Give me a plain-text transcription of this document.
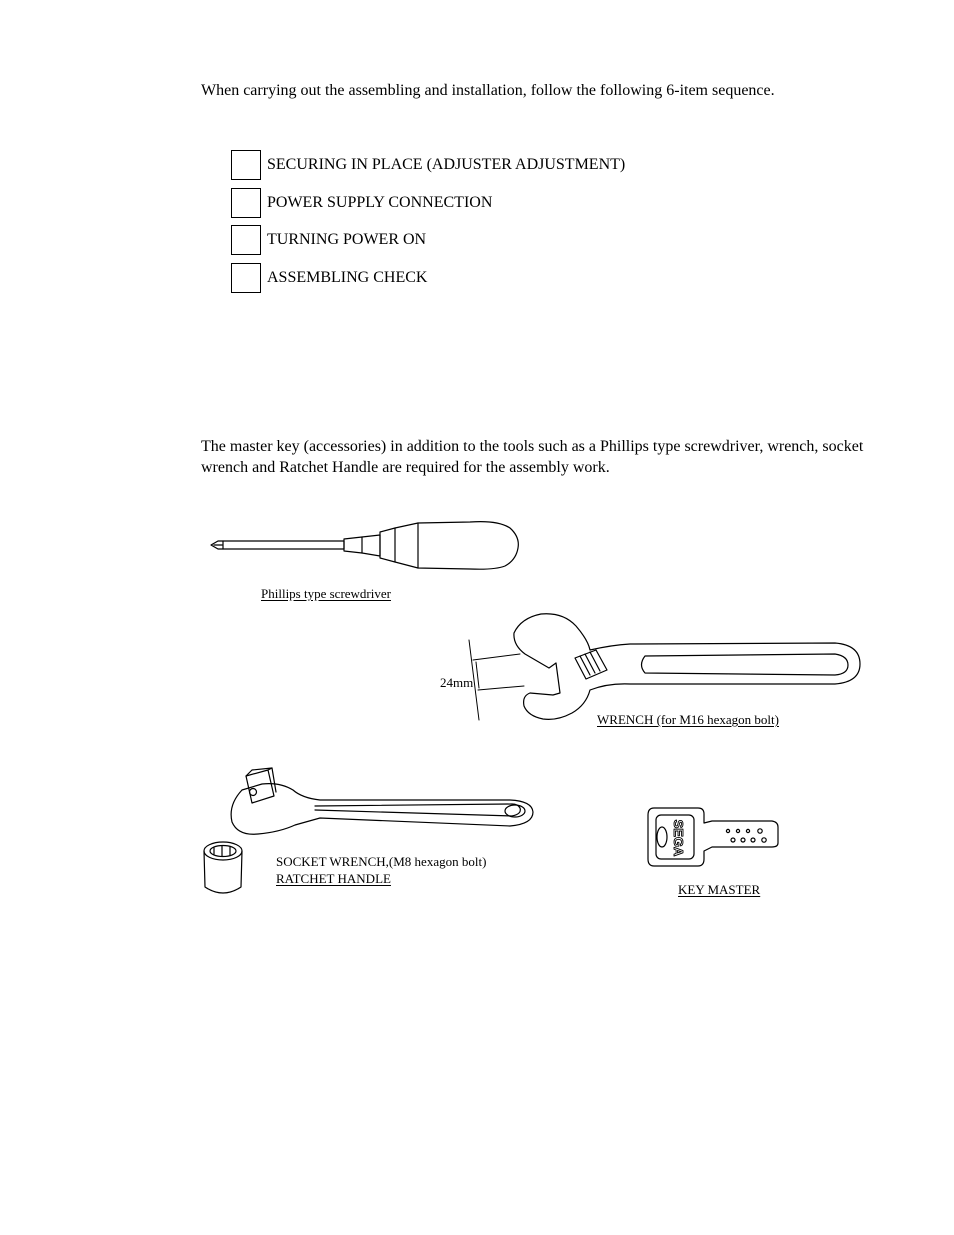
When carrying out the assembling and installation, follow the following 6-item sequence.
SECURING IN PLACE (ADJUSTER ADJUSTMENT)
POWER SUPPLY CONNECTION
TURNING POWER ON
ASSEMBLING CHECK
The master key (accessories) in addition to the tools such as a Phillips type screwdriver, wrench, socket wrench and Ratchet Handle are required for the assembly work.
SEGA
Phillips type screwdriver
24mm
WRENCH (for M16 hexagon bolt)
SOCKET WRENCH,(M8 hexagon bolt)
RATCHET HANDLE
KEY MASTER
